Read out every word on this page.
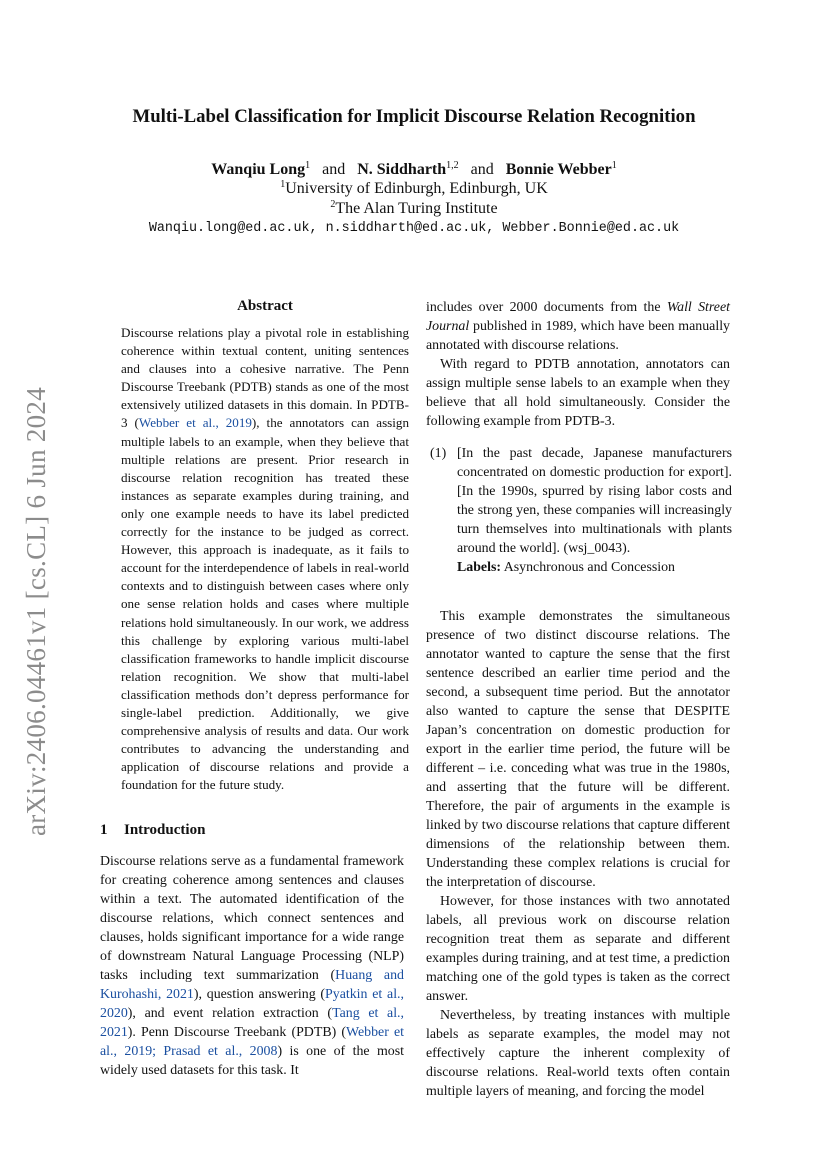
arXiv:2406.04461v1 [cs.CL] 6 Jun 2024
Multi-Label Classification for Implicit Discourse Relation Recognition
Wanqiu Long$^1$ and N. Siddharth$^{1,2}$ and Bonnie Webber$^1$
$^1$University of Edinburgh, Edinburgh, UK
$^2$The Alan Turing Institute
Wanqiu.long@ed.ac.uk, n.siddharth@ed.ac.uk, Webber.Bonnie@ed.ac.uk
Abstract
Discourse relations play a pivotal role in establishing coherence within textual content, uniting sentences and clauses into a cohesive narrative. The Penn Discourse Treebank (PDTB) stands as one of the most extensively utilized datasets in this domain. In PDTB-3 (Webber et al., 2019), the annotators can assign multiple labels to an example, when they believe that multiple relations are present. Prior research in discourse relation recognition has treated these instances as separate examples during training, and only one example needs to have its label predicted correctly for the instance to be judged as correct. However, this approach is inadequate, as it fails to account for the interdependence of labels in real-world contexts and to distinguish between cases where only one sense relation holds and cases where multiple relations hold simultaneously. In our work, we address this challenge by exploring various multi-label classification frameworks to handle implicit discourse relation recognition. We show that multi-label classification methods don’t depress performance for single-label prediction. Additionally, we give comprehensive analysis of results and data. Our work contributes to advancing the understanding and application of discourse relations and provide a foundation for the future study.
1 Introduction

Discourse relations serve as a fundamental framework for creating coherence among sentences and clauses within a text. The automated identification of the discourse relations, which connect sentences and clauses, holds significant importance for a wide range of downstream Natural Language Processing (NLP) tasks including text summarization (Huang and Kurohashi, 2021), question answering (Pyatkin et al., 2020), and event relation extraction (Tang et al., 2021). Penn Discourse Treebank (PDTB) (Webber et al., 2019; Prasad et al., 2008) is one of the most widely used datasets for this task. It

includes over 2000 documents from the Wall Street Journal published in 1989, which have been manually annotated with discourse relations.

With regard to PDTB annotation, annotators can assign multiple sense labels to an example when they believe that all hold simultaneously. Consider the following example from PDTB-3.

(1) [In the past decade, Japanese manufacturers concentrated on domestic production for export]. [In the 1990s, spurred by rising labor costs and the strong yen, these companies will increasingly turn themselves into multinationals with plants around the world]. (wsj_0043).
Labels: Asynchronous and Concession

This example demonstrates the simultaneous presence of two distinct discourse relations. The annotator wanted to capture the sense that the first sentence described an earlier time period and the second, a subsequent time period. But the annotator also wanted to capture the sense that DESPITE Japan’s concentration on domestic production for export in the earlier time period, the future will be different – i.e. conceding what was true in the 1980s, and asserting that the future will be different. Therefore, the pair of arguments in the example is linked by two discourse relations that capture different dimensions of the relationship between them. Understanding these complex relations is crucial for the interpretation of discourse.

However, for those instances with two annotated labels, all previous work on discourse relation recognition treat them as separate and different examples during training, and at test time, a prediction matching one of the gold types is taken as the correct answer.

Nevertheless, by treating instances with multiple labels as separate examples, the model may not effectively capture the inherent complexity of discourse relations. Real-world texts often contain multiple layers of meaning, and forcing the model
